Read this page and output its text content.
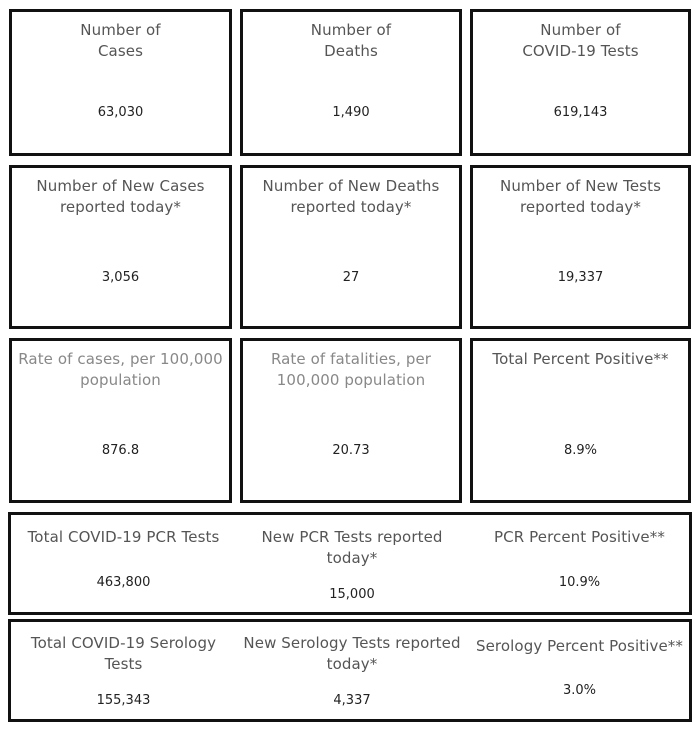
Number of
Cases
63,030
Number of
Deaths
1,490
Number of
COVID-19 Tests
619,143
Number of New Cases
reported today*
3,056
Number of New Deaths
reported today*
27
Number of New Tests
reported today*
19,337
Rate of cases, per 100,000
population
876.8
Rate of fatalities, per
100,000 population
20.73
Total Percent Positive**
8.9%
Total COVID-19 PCR Tests
463,800
New PCR Tests reported
today*
15,000
PCR Percent Positive**
10.9%
Total COVID-19 Serology
Tests
155,343
New Serology Tests reported
today*
4,337
Serology Percent Positive**
3.0%
